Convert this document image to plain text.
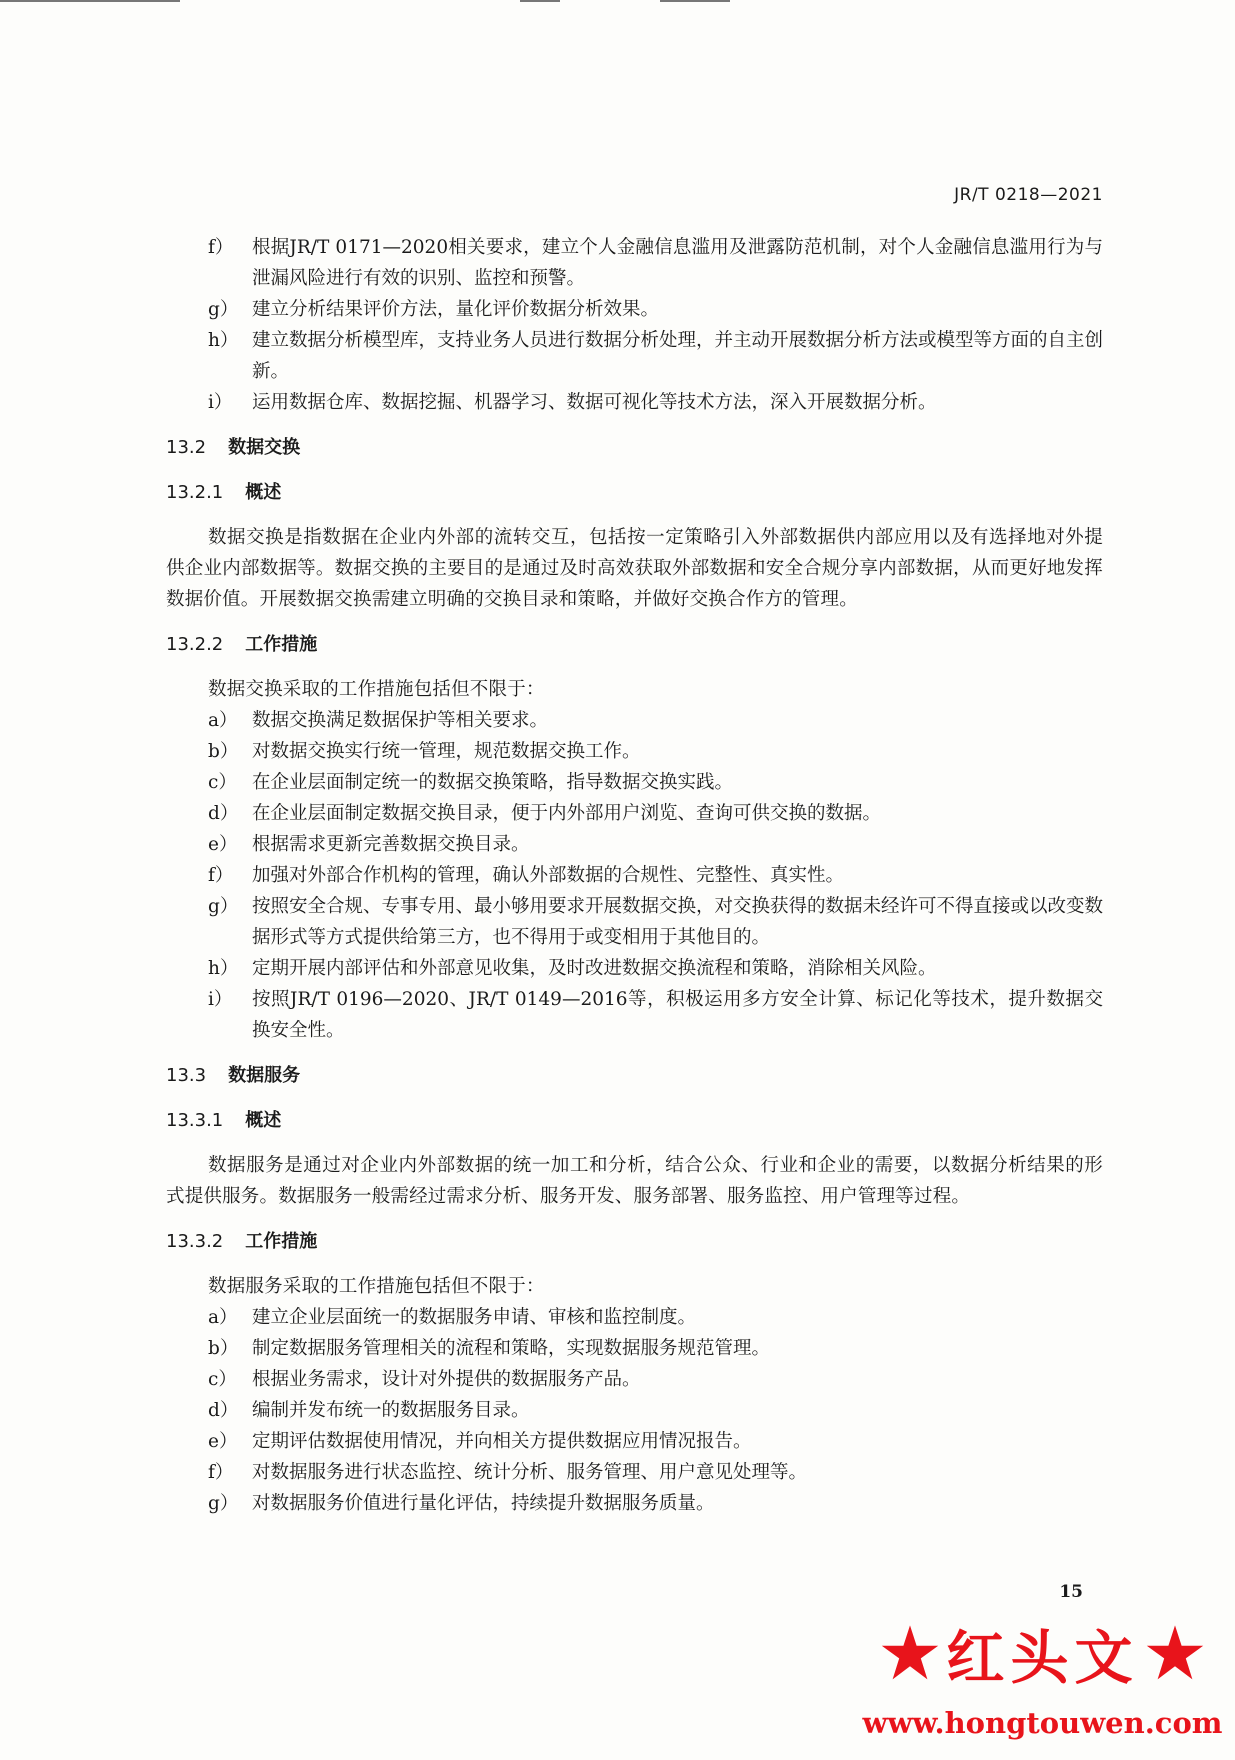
JR/T 0218—2021
f）	根据JR/T 0171—2020相关要求，建立个人金融信息滥用及泄露防范机制，对个人金融信息滥用行为与泄漏风险进行有效的识别、监控和预警。
g） 建立分析结果评价方法，量化评价数据分析效果。
h） 建立数据分析模型库，支持业务人员进行数据分析处理，并主动开展数据分析方法或模型等方面的自主创新。
i）	运用数据仓库、数据挖掘、机器学习、数据可视化等技术方法，深入开展数据分析。
13.2 数据交换
13.2.1 概述
数据交换是指数据在企业内外部的流转交互，包括按一定策略引入外部数据供内部应用以及有选择地对外提供企业内部数据等。数据交换的主要目的是通过及时高效获取外部数据和安全合规分享内部数据，从而更好地发挥数据价值。开展数据交换需建立明确的交换目录和策略，并做好交换合作方的管理。
13.2.2 工作措施
数据交换采取的工作措施包括但不限于：
a） 数据交换满足数据保护等相关要求。
b） 对数据交换实行统一管理，规范数据交换工作。
c） 在企业层面制定统一的数据交换策略，指导数据交换实践。
d） 在企业层面制定数据交换目录，便于内外部用户浏览、查询可供交换的数据。
e） 根据需求更新完善数据交换目录。
f）	加强对外部合作机构的管理，确认外部数据的合规性、完整性、真实性。
g） 按照安全合规、专事专用、最小够用要求开展数据交换，对交换获得的数据未经许可不得直接或以改变数据形式等方式提供给第三方，也不得用于或变相用于其他目的。
h） 定期开展内部评估和外部意见收集，及时改进数据交换流程和策略，消除相关风险。
i）	按照JR/T 0196—2020、JR/T 0149—2016等，积极运用多方安全计算、标记化等技术，提升数据交换安全性。
13.3 数据服务
13.3.1 概述
数据服务是通过对企业内外部数据的统一加工和分析，结合公众、行业和企业的需要，以数据分析结果的形式提供服务。数据服务一般需经过需求分析、服务开发、服务部署、服务监控、用户管理等过程。
13.3.2 工作措施
数据服务采取的工作措施包括但不限于：
a） 建立企业层面统一的数据服务申请、审核和监控制度。
b） 制定数据服务管理相关的流程和策略，实现数据服务规范管理。
c） 根据业务需求，设计对外提供的数据服务产品。
d） 编制并发布统一的数据服务目录。
e） 定期评估数据使用情况，并向相关方提供数据应用情况报告。
f）	对数据服务进行状态监控、统计分析、服务管理、用户意见处理等。
g） 对数据服务价值进行量化评估，持续提升数据服务质量。
15
红头文
www.hongtouwen.com
